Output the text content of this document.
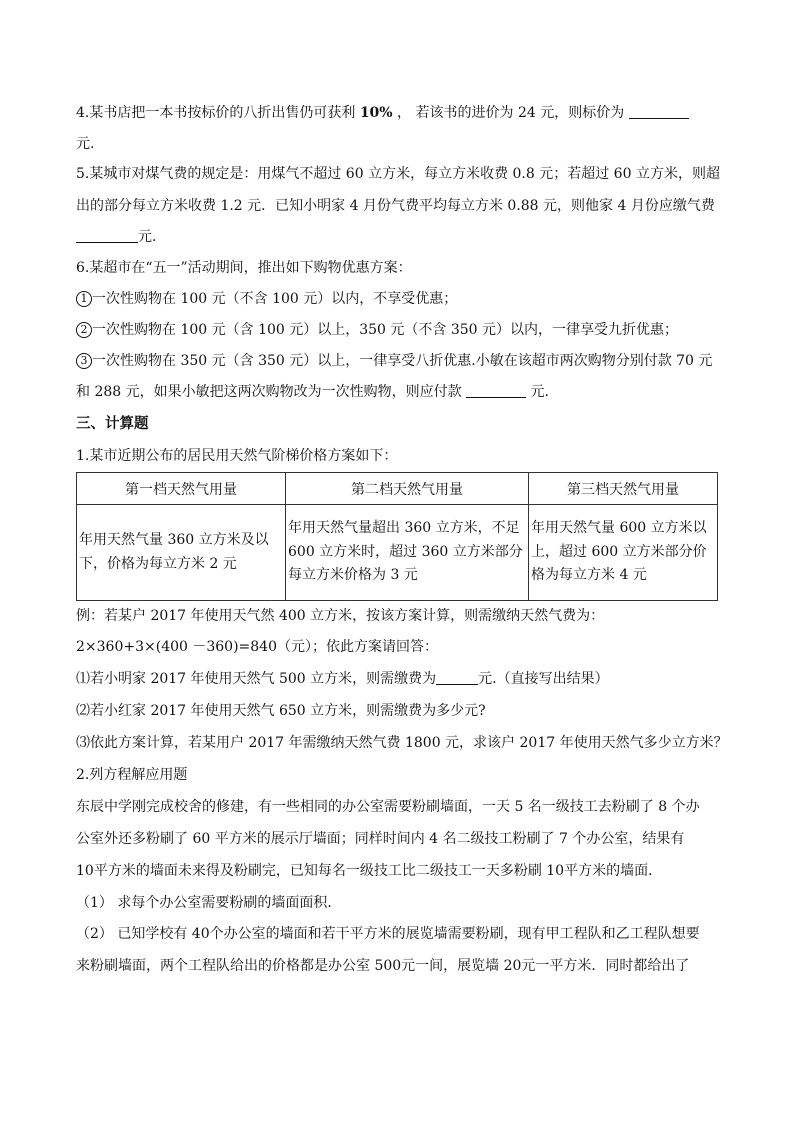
4.某书店把一本书按标价的八折出售仍可获利 10% ， 若该书的进价为 24 元，则标价为
元.
5.某城市对煤气费的规定是：用煤气不超过 60 立方米，每立方米收费 0.8 元；若超过 60 立方米，则超
出的部分每立方米收费 1.2 元．已知小明家 4 月份气费平均每立方米 0.88 元，则他家 4 月份应缴气费
元．
6.某超市在“五一”活动期间，推出如下购物优惠方案：
1 一次性购物在 100 元（不含 100 元）以内，不享受优惠；
2 一次性购物在 100 元（含 100 元）以上，350 元（不含 350 元）以内，一律享受九折优惠；
3 一次性购物在 350 元（含 350 元）以上，一律享受八折优惠.小敏在该超市两次购物分别付款 70 元
和 288 元，如果小敏把这两次购物改为一次性购物，则应付款	元.
三、计算题
1.某市近期公布的居民用天然气阶梯价格方案如下：
第一档天然气用量	第二档天然气用量	第三档天然气用量
年用天然气量 360 立方米及以下，价格为每立方米 2 元	年用天然气量超出 360 立方米，不足 600 立方米时，超过 360 立方米部分每立方米价格为 3 元	年用天然气量 600 立方米以上，超过 600 立方米部分价格为每立方米 4 元
例：若某户 2017 年使用天气然 400 立方米，按该方案计算，则需缴纳天然气费为：
2×360+3×(400 －360)=840（元）；依此方案请回答：
⑴若小明家 2017 年使用天然气 500 立方米，则需缴费为	元.（直接写出结果）
⑵若小红家 2017 年使用天然气 650 立方米，则需缴费为多少元?
⑶依此方案计算，若某用户 2017 年需缴纳天然气费 1800 元，求该户 2017 年使用天然气多少立方米？
2.列方程解应用题
东辰中学刚完成校舍的修建，有一些相同的办公室需要粉刷墙面，一天 5 名一级技工去粉刷了 8 个办
公室外还多粉刷了 60 平方米的展示厅墙面；同样时间内 4 名二级技工粉刷了 7 个办公室，结果有
10平方米的墙面未来得及粉刷完，已知每名一级技工比二级技工一天多粉刷 10平方米的墙面．
（1） 求每个办公室需要粉刷的墙面面积．
（2） 已知学校有 40个办公室的墙面和若干平方米的展览墙需要粉刷，现有甲工程队和乙工程队想要
来粉刷墙面，两个工程队给出的价格都是办公室 500元一间，展览墙 20元一平方米．同时都给出了
